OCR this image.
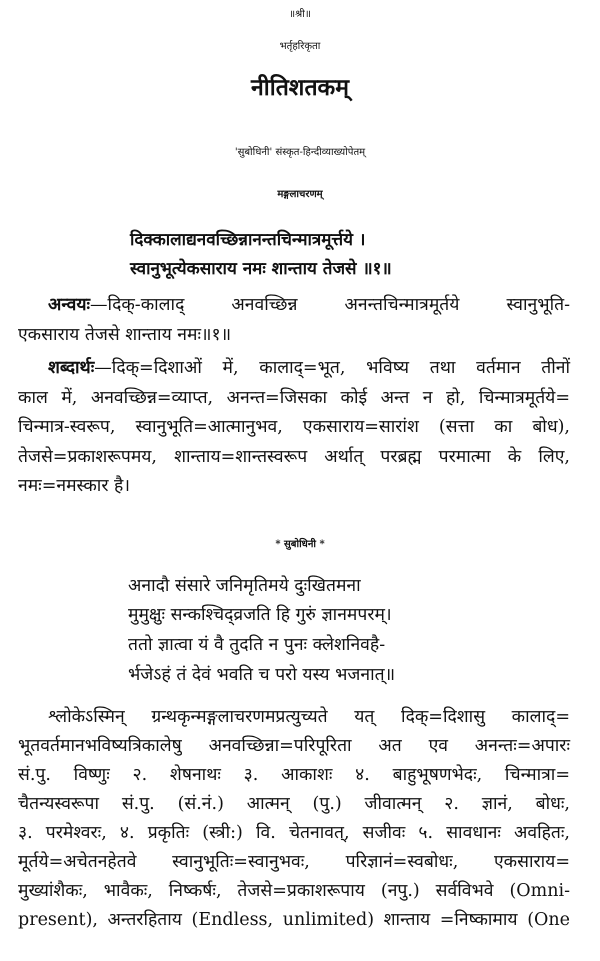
॥श्री॥
भर्तृहरिकृता
नीतिशतकम्
'सुबोधिनी' संस्कृत-हिन्दीव्याख्योपेतम्
मङ्गलाचरणम्
दिक्कालाद्यनवच्छिन्नानन्तचिन्मात्रमूर्त्तये ।
स्वानुभूत्येकसाराय नमः शान्ताय तेजसे ॥१॥
अन्वयः—दिक्-कालाद् अनवच्छिन्न अनन्तचिन्मात्रमूर्तये स्वानुभूति-
एकसाराय तेजसे शान्ताय नमः॥१॥
शब्दार्थः—दिक्=दिशाओं में, कालाद्=भूत, भविष्य तथा वर्तमान तीनों
काल में, अनवच्छिन्न=व्याप्त, अनन्त=जिसका कोई अन्त न हो, चिन्मात्रमूर्तये=
चिन्मात्र-स्वरूप, स्वानुभूति=आत्मानुभव, एकसाराय=सारांश (सत्ता का बोध),
तेजसे=प्रकाशरूपमय, शान्ताय=शान्तस्वरूप अर्थात् परब्रह्म परमात्मा के लिए,
नमः=नमस्कार है।
* सुबोधिनी *
अनादौ संसारे जनिमृतिमये दुःखितमना
मुमुक्षुः सन्कश्चिद्व्रजति हि गुरुं ज्ञानमपरम्।
ततो ज्ञात्वा यं वै तुदति न पुनः क्लेशनिवहै-
र्भजेऽहं तं देवं भवति च परो यस्य भजनात्॥
श्लोकेऽस्मिन् ग्रन्थकृन्मङ्गलाचरणमप्रत्युच्यते यत् दिक्=दिशासु कालाद्=
भूतवर्तमानभविष्यत्रिकालेषु अनवच्छिन्ना=परिपूरिता अत एव अनन्तः=अपारः
सं.पु. विष्णुः २. शेषनाथः ३. आकाशः ४. बाहुभूषणभेदः, चिन्मात्रा=
चैतन्यस्वरूपा सं.पु. (सं.नं.) आत्मन् (पु.) जीवात्मन् २. ज्ञानं, बोधः,
३. परमेश्वरः, ४. प्रकृतिः (स्त्री:) वि. चेतनावत्, सजीवः ५. सावधानः अवहितः,
मूर्तये=अचेतनहेतवे स्वानुभूतिः=स्वानुभवः, परिज्ञानं=स्वबोधः, एकसाराय=
मुख्यांशैकः, भावैकः, निष्कर्षः, तेजसे=प्रकाशरूपाय (नपु.) सर्वविभवे (Omni-
present), अन्तरहिताय (Endless, unlimited) शान्ताय =निष्कामाय (One
